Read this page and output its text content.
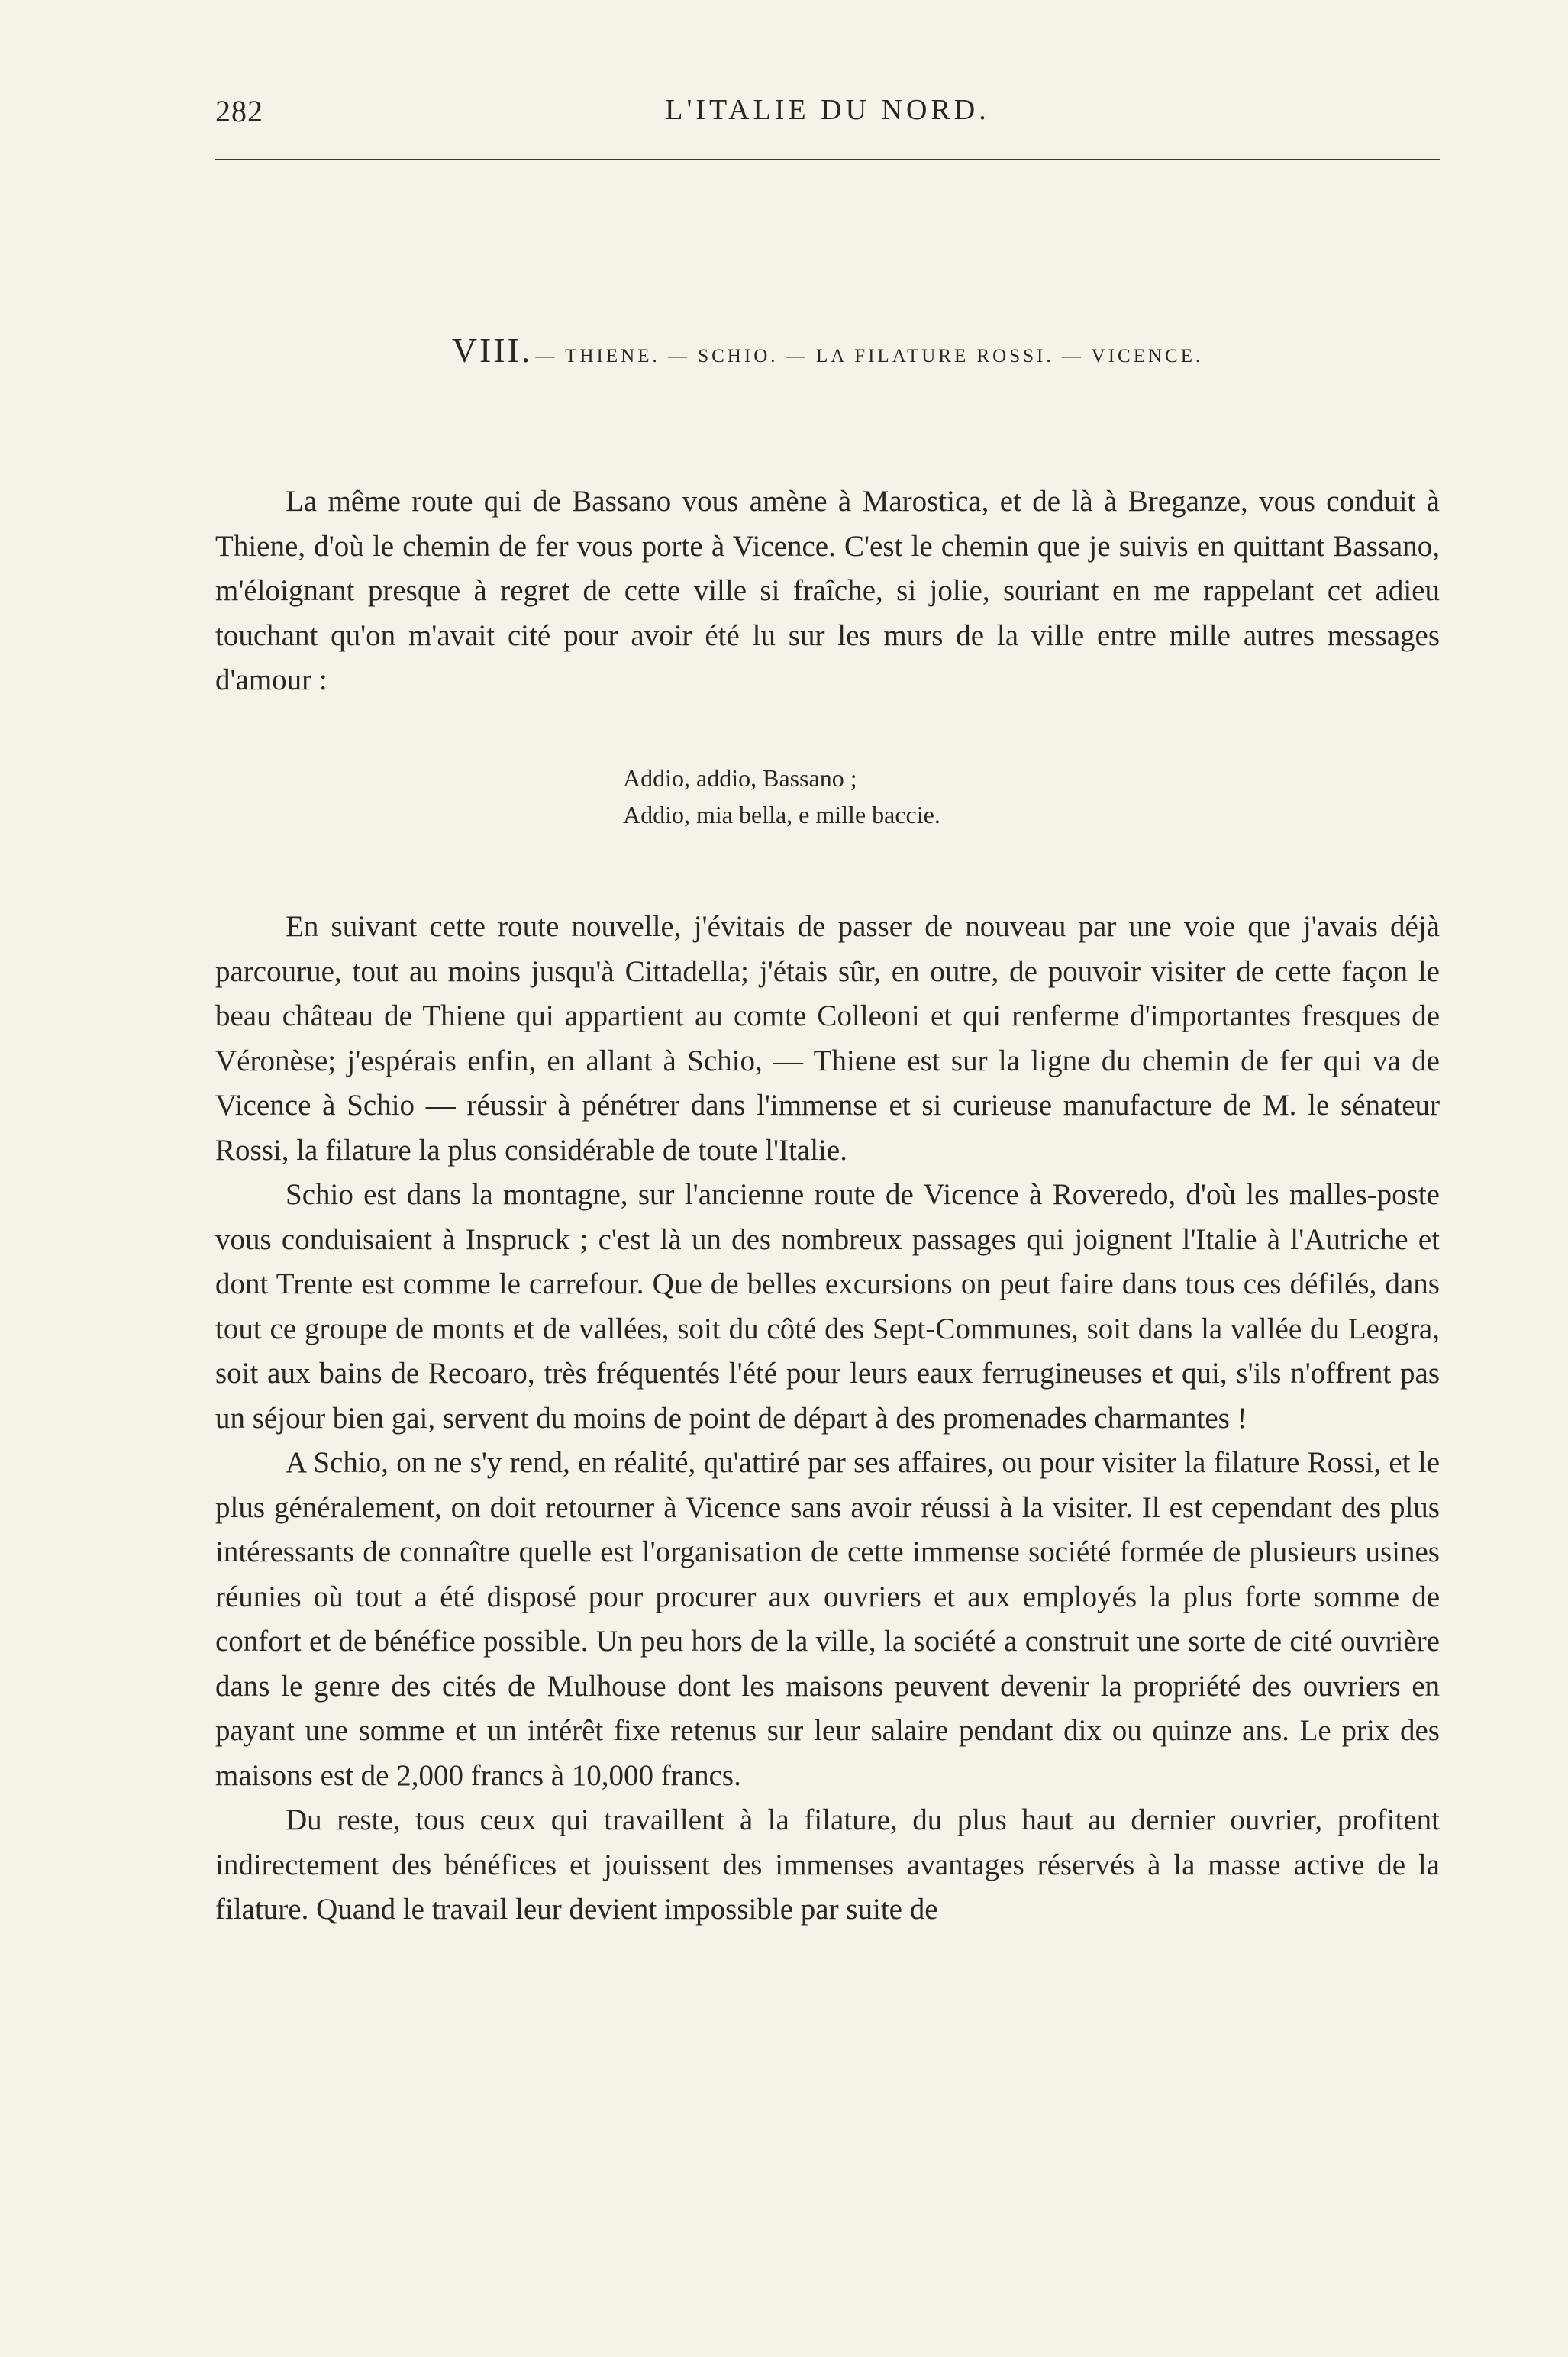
282	L'ITALIE DU NORD.
VIII. — THIENE. — SCHIO. — LA FILATURE ROSSI. — VICENCE.

La même route qui de Bassano vous amène à Marostica, et de là à Breganze, vous conduit à Thiene, d'où le chemin de fer vous porte à Vicence. C'est le chemin que je suivis en quittant Bassano, m'éloignant presque à regret de cette ville si fraîche, si jolie, souriant en me rappelant cet adieu touchant qu'on m'avait cité pour avoir été lu sur les murs de la ville entre mille autres messages d'amour :

Addio, addio, Bassano ;
Addio, mia bella, e mille baccie.

En suivant cette route nouvelle, j'évitais de passer de nouveau par une voie que j'avais déjà parcourue, tout au moins jusqu'à Cittadella; j'étais sûr, en outre, de pouvoir visiter de cette façon le beau château de Thiene qui appartient au comte Colleoni et qui renferme d'importantes fresques de Véronèse; j'espérais enfin, en allant à Schio, — Thiene est sur la ligne du chemin de fer qui va de Vicence à Schio — réussir à pénétrer dans l'immense et si curieuse manufacture de M. le sénateur Rossi, la filature la plus considérable de toute l'Italie.

Schio est dans la montagne, sur l'ancienne route de Vicence à Roveredo, d'où les malles-poste vous conduisaient à Inspruck ; c'est là un des nombreux passages qui joignent l'Italie à l'Autriche et dont Trente est comme le carrefour. Que de belles excursions on peut faire dans tous ces défilés, dans tout ce groupe de monts et de vallées, soit du côté des Sept-Communes, soit dans la vallée du Leogra, soit aux bains de Recoaro, très fréquentés l'été pour leurs eaux ferrugineuses et qui, s'ils n'offrent pas un séjour bien gai, servent du moins de point de départ à des promenades charmantes !

A Schio, on ne s'y rend, en réalité, qu'attiré par ses affaires, ou pour visiter la filature Rossi, et le plus généralement, on doit retourner à Vicence sans avoir réussi à la visiter. Il est cependant des plus intéressants de connaître quelle est l'organisation de cette immense société formée de plusieurs usines réunies où tout a été disposé pour procurer aux ouvriers et aux employés la plus forte somme de confort et de bénéfice possible. Un peu hors de la ville, la société a construit une sorte de cité ouvrière dans le genre des cités de Mulhouse dont les maisons peuvent devenir la propriété des ouvriers en payant une somme et un intérêt fixe retenus sur leur salaire pendant dix ou quinze ans. Le prix des maisons est de 2,000 francs à 10,000 francs.

Du reste, tous ceux qui travaillent à la filature, du plus haut au dernier ouvrier, profitent indirectement des bénéfices et jouissent des immenses avantages réservés à la masse active de la filature. Quand le travail leur devient impossible par suite de
